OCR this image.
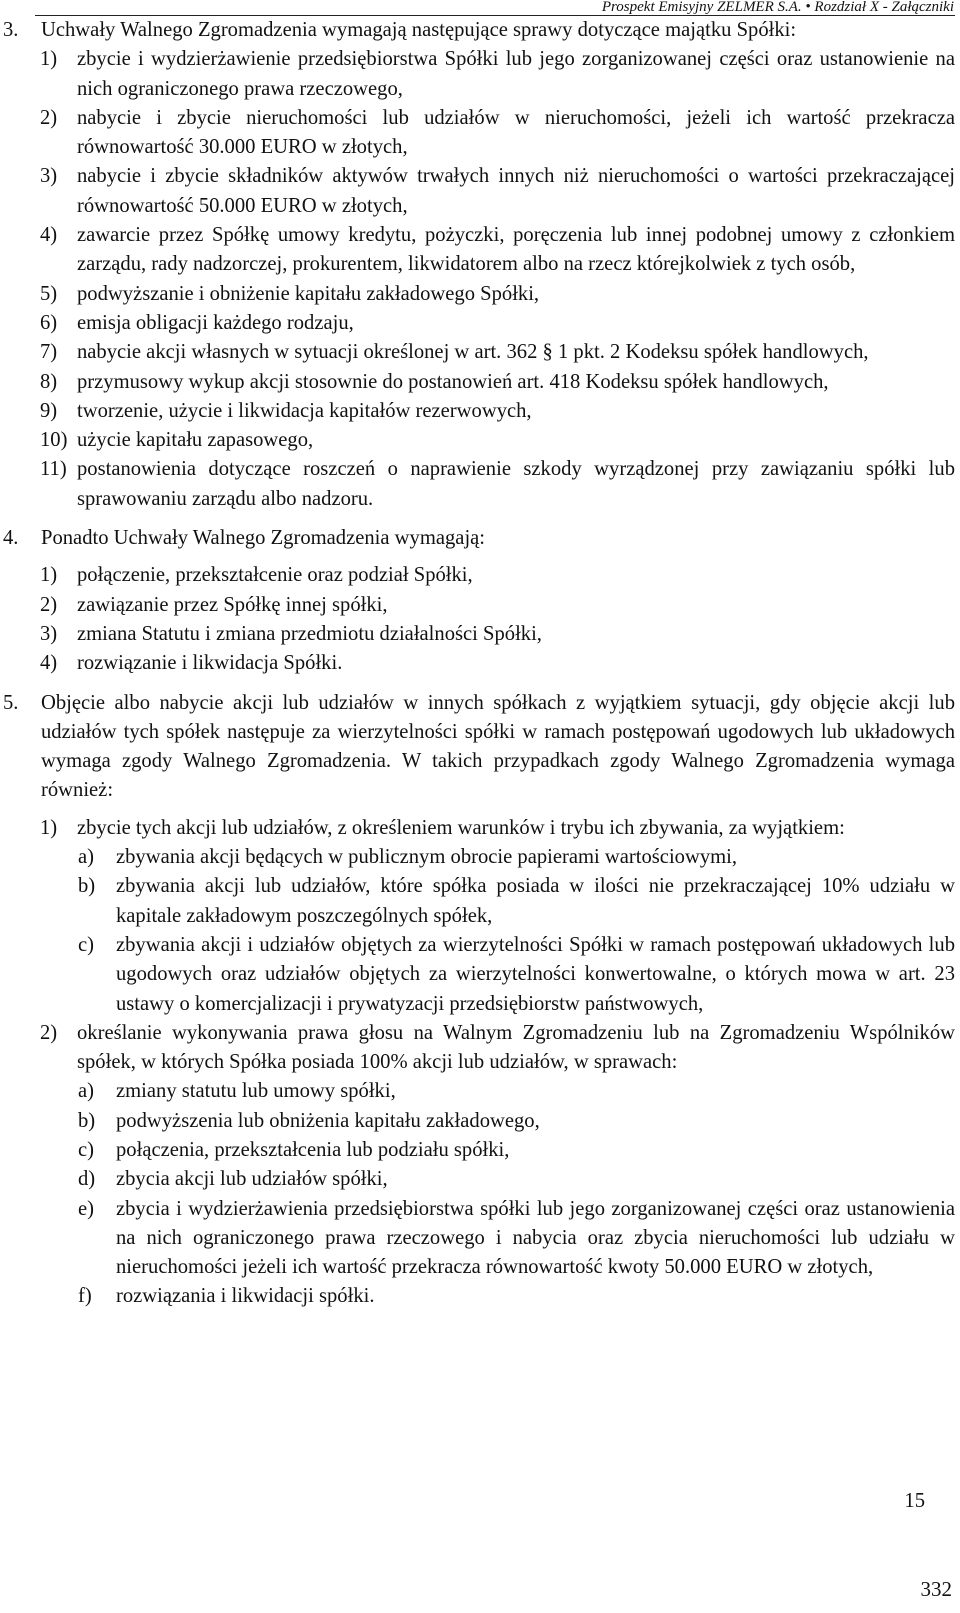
Prospekt Emisyjny ZELMER S.A. • Rozdział X - Załączniki
3. Uchwały Walnego Zgromadzenia wymagają następujące sprawy dotyczące majątku Spółki:
1) zbycie i wydzierżawienie przedsiębiorstwa Spółki lub jego zorganizowanej części oraz ustanowienie na nich ograniczonego prawa rzeczowego,
2) nabycie i zbycie nieruchomości lub udziałów w nieruchomości, jeżeli ich wartość przekracza równowartość 30.000 EURO w złotych,
3) nabycie i zbycie składników aktywów trwałych innych niż nieruchomości o wartości przekraczającej równowartość 50.000 EURO w złotych,
4) zawarcie przez Spółkę umowy kredytu, pożyczki, poręczenia lub innej podobnej umowy z członkiem zarządu, rady nadzorczej, prokurentem, likwidatorem albo na rzecz którejkolwiek z tych osób,
5) podwyższanie i obniżenie kapitału zakładowego Spółki,
6) emisja obligacji każdego rodzaju,
7) nabycie akcji własnych w sytuacji określonej w art. 362 § 1 pkt. 2 Kodeksu spółek handlowych,
8) przymusowy wykup akcji stosownie do postanowień art. 418 Kodeksu spółek handlowych,
9) tworzenie, użycie i likwidacja kapitałów rezerwowych,
10) użycie kapitału zapasowego,
11) postanowienia dotyczące roszczeń o naprawienie szkody wyrządzonej przy zawiązaniu spółki lub sprawowaniu zarządu albo nadzoru.
4. Ponadto Uchwały Walnego Zgromadzenia wymagają:
1) połączenie, przekształcenie oraz podział Spółki,
2) zawiązanie przez Spółkę innej spółki,
3) zmiana Statutu i zmiana przedmiotu działalności Spółki,
4) rozwiązanie i likwidacja Spółki.
5. Objęcie albo nabycie akcji lub udziałów w innych spółkach z wyjątkiem sytuacji, gdy objęcie akcji lub udziałów tych spółek następuje za wierzytelności spółki w ramach postępowań ugodowych lub układowych wymaga zgody Walnego Zgromadzenia. W takich przypadkach zgody Walnego Zgromadzenia wymaga również:
1) zbycie tych akcji lub udziałów, z określeniem warunków i trybu ich zbywania, za wyjątkiem:
a) zbywania akcji będących w publicznym obrocie papierami wartościowymi,
b) zbywania akcji lub udziałów, które spółka posiada w ilości nie przekraczającej 10% udziału w kapitale zakładowym poszczególnych spółek,
c) zbywania akcji i udziałów objętych za wierzytelności Spółki w ramach postępowań układowych lub ugodowych oraz udziałów objętych za wierzytelności konwertowalne, o których mowa w art. 23 ustawy o komercjalizacji i prywatyzacji przedsiębiorstw państwowych,
2) określanie wykonywania prawa głosu na Walnym Zgromadzeniu lub na Zgromadzeniu Wspólników spółek, w których Spółka posiada 100% akcji lub udziałów, w sprawach:
a) zmiany statutu lub umowy spółki,
b) podwyższenia lub obniżenia kapitału zakładowego,
c) połączenia, przekształcenia lub podziału spółki,
d) zbycia akcji lub udziałów spółki,
e) zbycia i wydzierżawienia przedsiębiorstwa spółki lub jego zorganizowanej części oraz ustanowienia na nich ograniczonego prawa rzeczowego i nabycia oraz zbycia nieruchomości lub udziału w nieruchomości jeżeli ich wartość przekracza równowartość kwoty 50.000 EURO w złotych,
f) rozwiązania i likwidacji spółki.
15
332
